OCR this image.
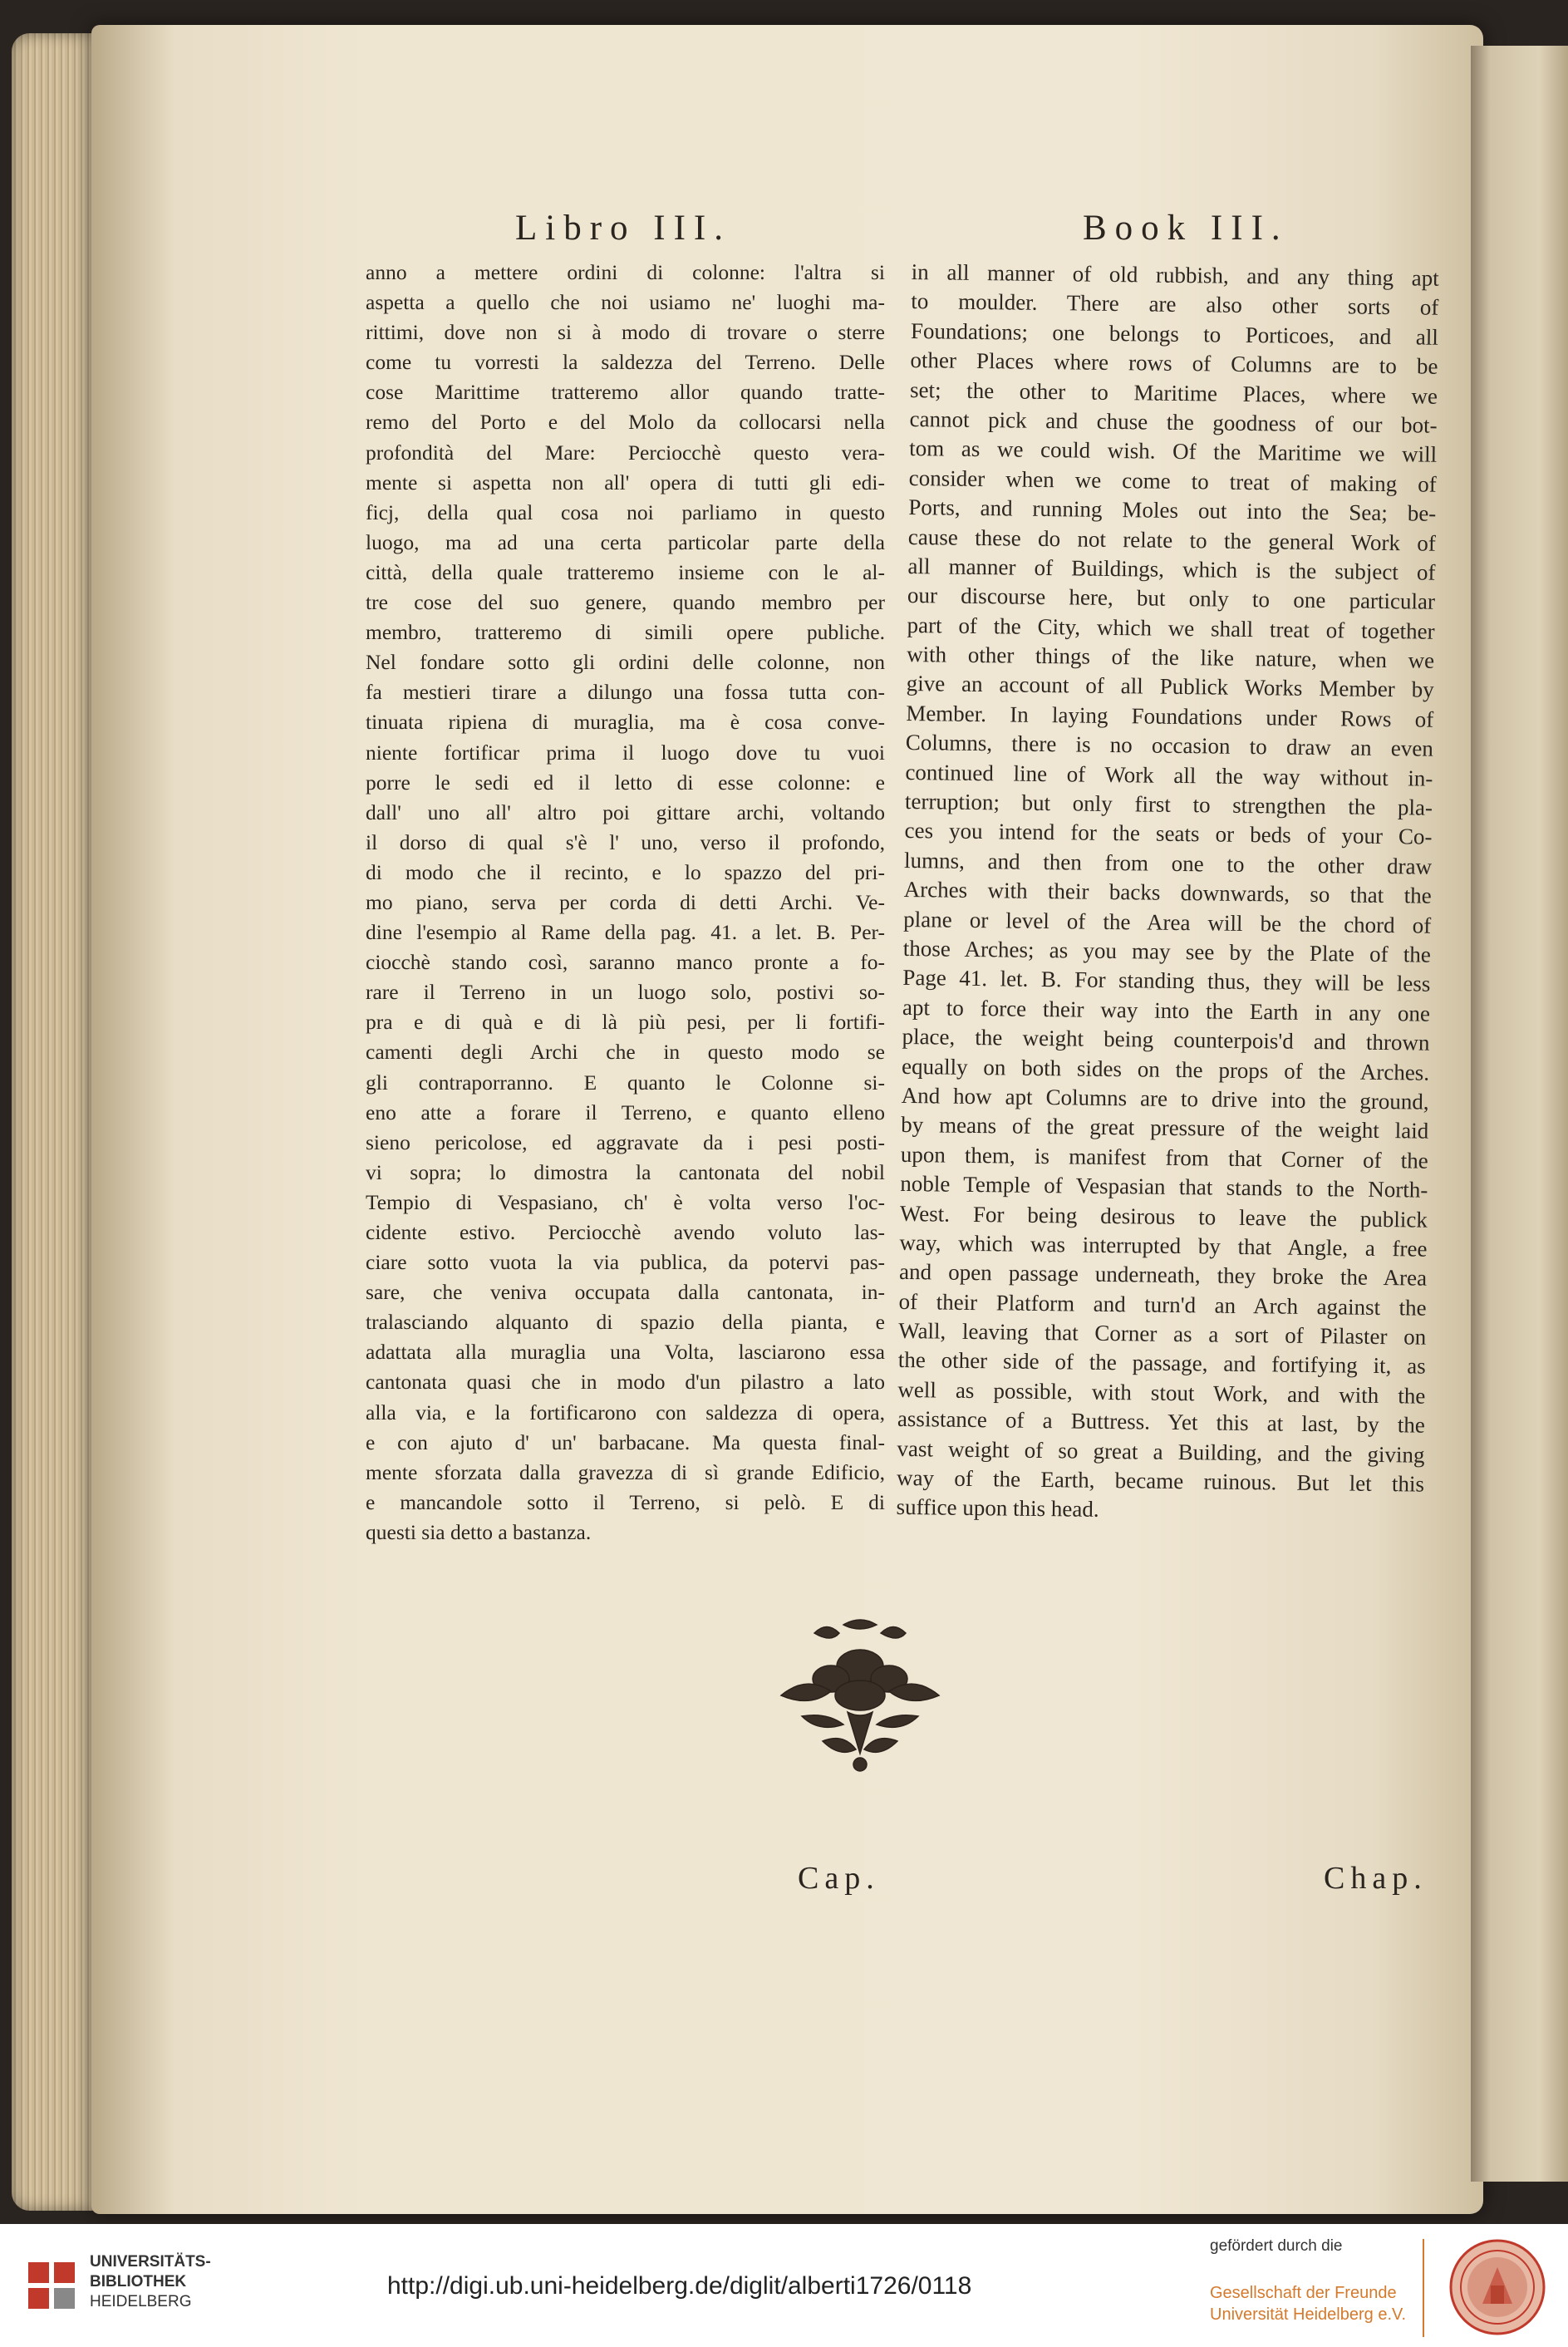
Libro III.	Book III.
anno a mettere ordini di colonne: l'altra si
aspetta a quello che noi usiamo ne' luoghi ma-
rittimi, dove non si à modo di trovare o sterre
come tu vorresti la saldezza del Terreno. Delle
cose Marittime tratteremo allor quando tratte-
remo del Porto e del Molo da collocarsi nella
profondità del Mare: Perciocchè questo vera-
mente si aspetta non all' opera di tutti gli edi-
ficj, della qual cosa noi parliamo in questo
luogo, ma ad una certa particolar parte della
città, della quale tratteremo insieme con le al-
tre cose del suo genere, quando membro per
membro, tratteremo di simili opere publiche.
Nel fondare sotto gli ordini delle colonne, non
fa mestieri tirare a dilungo una fossa tutta con-
tinuata ripiena di muraglia, ma è cosa conve-
niente fortificar prima il luogo dove tu vuoi
porre le sedi ed il letto di esse colonne: e
dall' uno all' altro poi gittare archi, voltando
il dorso di qual s'è l' uno, verso il profondo,
di modo che il recinto, e lo spazzo del pri-
mo piano, serva per corda di detti Archi. Ve-
dine l'esempio al Rame della pag. 41. a let. B. Per-
ciocchè stando così, saranno manco pronte a fo-
rare il Terreno in un luogo solo, postivi so-
pra e di quà e di là più pesi, per li fortifi-
camenti degli Archi che in questo modo se
gli contraporranno. E quanto le Colonne si-
eno atte a forare il Terreno, e quanto elleno
sieno pericolose, ed aggravate da i pesi posti-
vi sopra; lo dimostra la cantonata del nobil
Tempio di Vespasiano, ch' è volta verso l'oc-
cidente estivo. Perciocchè avendo voluto las-
ciare sotto vuota la via publica, da potervi pas-
sare, che veniva occupata dalla cantonata, in-
tralasciando alquanto di spazio della pianta, e
adattata alla muraglia una Volta, lasciarono essa
cantonata quasi che in modo d'un pilastro a lato
alla via, e la fortificarono con saldezza di opera,
e con ajuto d' un' barbacane. Ma questa final-
mente sforzata dalla gravezza di sì grande Edificio,
e mancandole sotto il Terreno, si pelò. E di
questi sia detto a bastanza.
in all manner of old rubbish, and any thing apt
to moulder. There are also other sorts of
Foundations; one belongs to Porticoes, and all
other Places where rows of Columns are to be
set; the other to Maritime Places, where we
cannot pick and chuse the goodness of our bot-
tom as we could wish. Of the Maritime we will
consider when we come to treat of making of
Ports, and running Moles out into the Sea; be-
cause these do not relate to the general Work of
all manner of Buildings, which is the subject of
our discourse here, but only to one particular
part of the City, which we shall treat of together
with other things of the like nature, when we
give an account of all Publick Works Member by
Member. In laying Foundations under Rows of
Columns, there is no occasion to draw an even
continued line of Work all the way without in-
terruption; but only first to strengthen the pla-
ces you intend for the seats or beds of your Co-
lumns, and then from one to the other draw
Arches with their backs downwards, so that the
plane or level of the Area will be the chord of
those Arches; as you may see by the Plate of the
Page 41. let. B. For standing thus, they will be less
apt to force their way into the Earth in any one
place, the weight being counterpois'd and thrown
equally on both sides on the props of the Arches.
And how apt Columns are to drive into the ground,
by means of the great pressure of the weight laid
upon them, is manifest from that Corner of the
noble Temple of Vespasian that stands to the North-
West. For being desirous to leave the publick
way, which was interrupted by that Angle, a free
and open passage underneath, they broke the Area
of their Platform and turn'd an Arch against the
Wall, leaving that Corner as a sort of Pilaster on
the other side of the passage, and fortifying it, as
well as possible, with stout Work, and with the
assistance of a Buttress. Yet this at last, by the
vast weight of so great a Building, and the giving
way of the Earth, became ruinous. But let this
suffice upon this head.
Cap.	Chap.
UNIVERSITÄTS-
BIBLIOTHEK
HEIDELBERG
http://digi.ub.uni-heidelberg.de/diglit/alberti1726/0118
gefördert durch die
Gesellschaft der Freunde
Universität Heidelberg e.V.
